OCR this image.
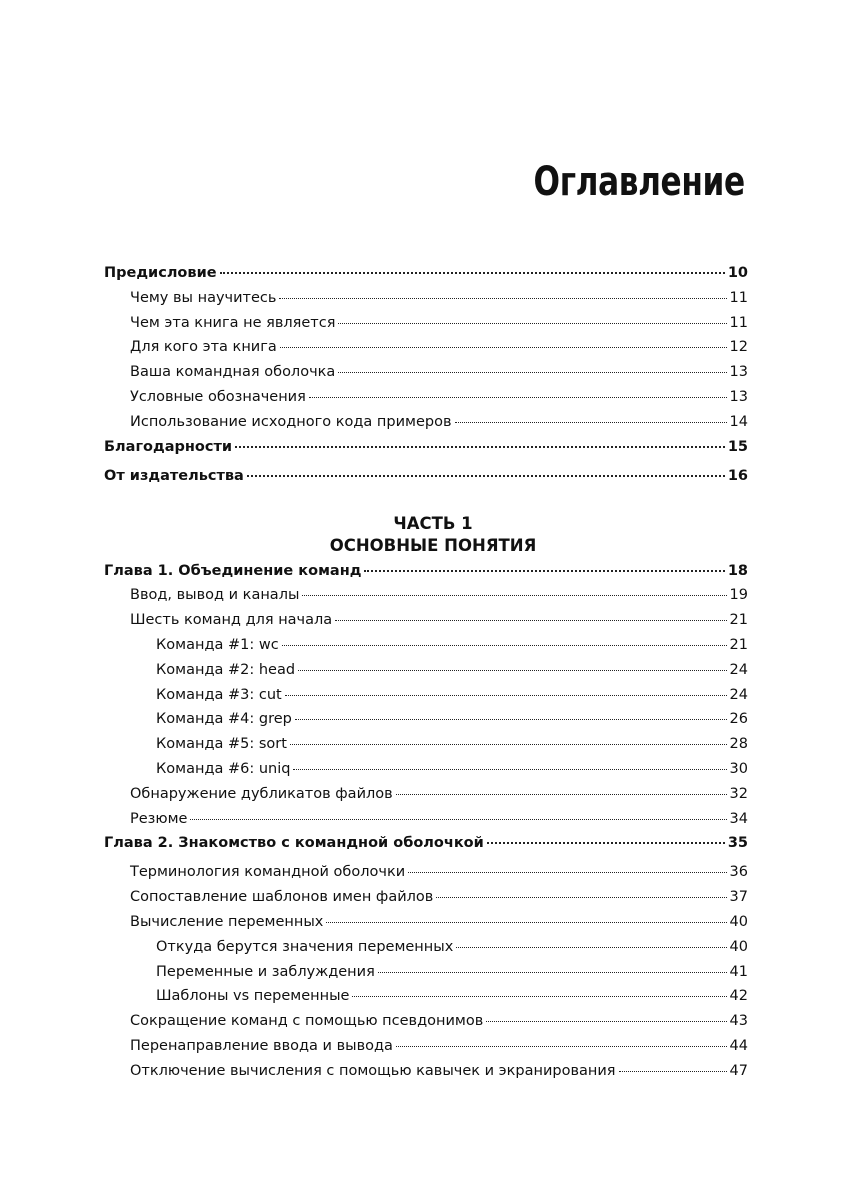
Оглавление
Предисловие	10
Чему вы научитесь	11
Чем эта книга не является	11
Для кого эта книга	12
Ваша командная оболочка	13
Условные обозначения	13
Использование исходного кода примеров	14
Благодарности	15
От издательства	16
ЧАСТЬ 1
ОСНОВНЫЕ ПОНЯТИЯ
Глава 1. Объединение команд	18
Ввод, вывод и каналы	19
Шесть команд для начала	21
Команда #1: wc	21
Команда #2: head	24
Команда #3: cut	24
Команда #4: grep	26
Команда #5: sort	28
Команда #6: uniq	30
Обнаружение дубликатов файлов	32
Резюме	34
Глава 2. Знакомство с командной оболочкой	35
Терминология командной оболочки	36
Сопоставление шаблонов имен файлов	37
Вычисление переменных	40
Откуда берутся значения переменных	40
Переменные и заблуждения	41
Шаблоны vs переменные	42
Сокращение команд с помощью псевдонимов	43
Перенаправление ввода и вывода	44
Отключение вычисления с помощью кавычек и экранирования	47
